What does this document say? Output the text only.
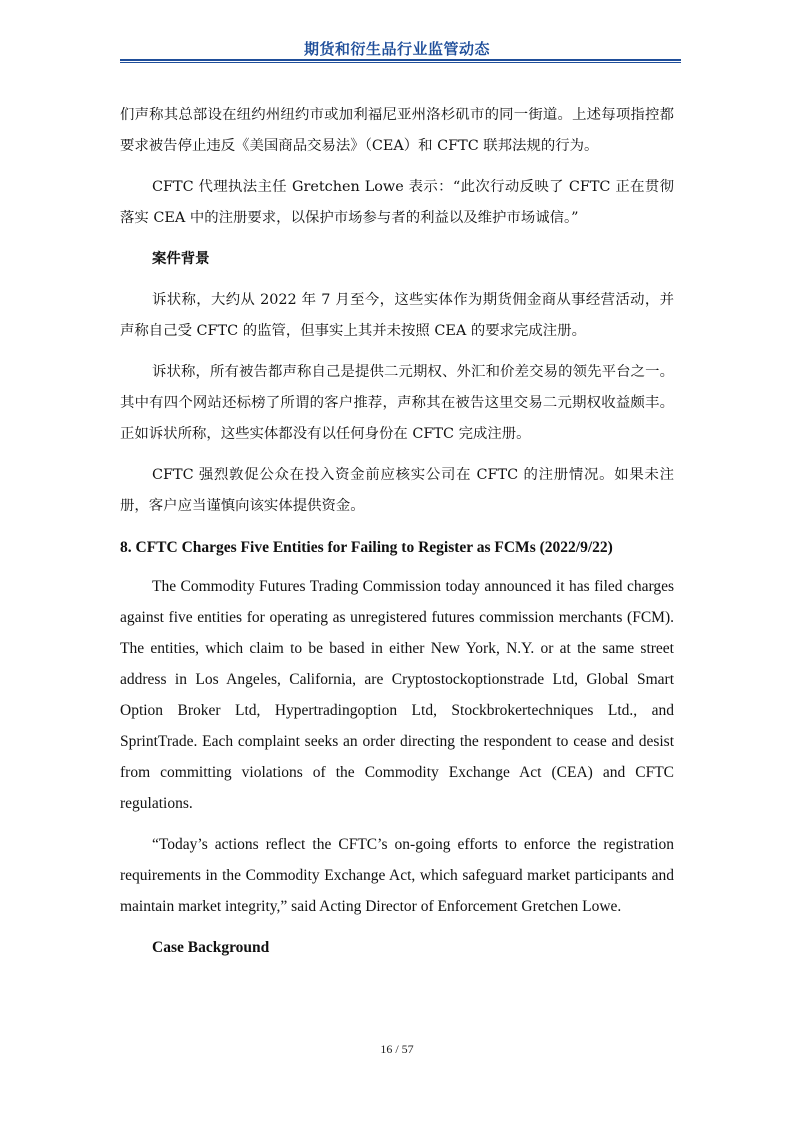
期货和衍生品行业监管动态

们声称其总部设在纽约州纽约市或加利福尼亚州洛杉矶市的同一街道。上述每项指控都要求被告停止违反《美国商品交易法》（CEA）和 CFTC 联邦法规的行为。

CFTC 代理执法主任 Gretchen Lowe 表示：“此次行动反映了 CFTC 正在贯彻落实 CEA 中的注册要求，以保护市场参与者的利益以及维护市场诚信。”

案件背景

诉状称，大约从 2022 年 7 月至今，这些实体作为期货佣金商从事经营活动，并声称自己受 CFTC 的监管，但事实上其并未按照 CEA 的要求完成注册。

诉状称，所有被告都声称自己是提供二元期权、外汇和价差交易的领先平台之一。其中有四个网站还标榜了所谓的客户推荐，声称其在被告这里交易二元期权收益颇丰。正如诉状所称，这些实体都没有以任何身份在 CFTC 完成注册。

CFTC 强烈敦促公众在投入资金前应核实公司在 CFTC 的注册情况。如果未注册，客户应当谨慎向该实体提供资金。

8. CFTC Charges Five Entities for Failing to Register as FCMs (2022/9/22)

The Commodity Futures Trading Commission today announced it has filed charges against five entities for operating as unregistered futures commission merchants (FCM). The entities, which claim to be based in either New York, N.Y. or at the same street address in Los Angeles, California, are Cryptostockoptionstrade Ltd, Global Smart Option Broker Ltd, Hypertradingoption Ltd, Stockbrokertechniques Ltd., and SprintTrade. Each complaint seeks an order directing the respondent to cease and desist from committing violations of the Commodity Exchange Act (CEA) and CFTC regulations.

“Today’s actions reflect the CFTC’s on-going efforts to enforce the registration requirements in the Commodity Exchange Act, which safeguard market participants and maintain market integrity,” said Acting Director of Enforcement Gretchen Lowe.

Case Background
16 / 57
